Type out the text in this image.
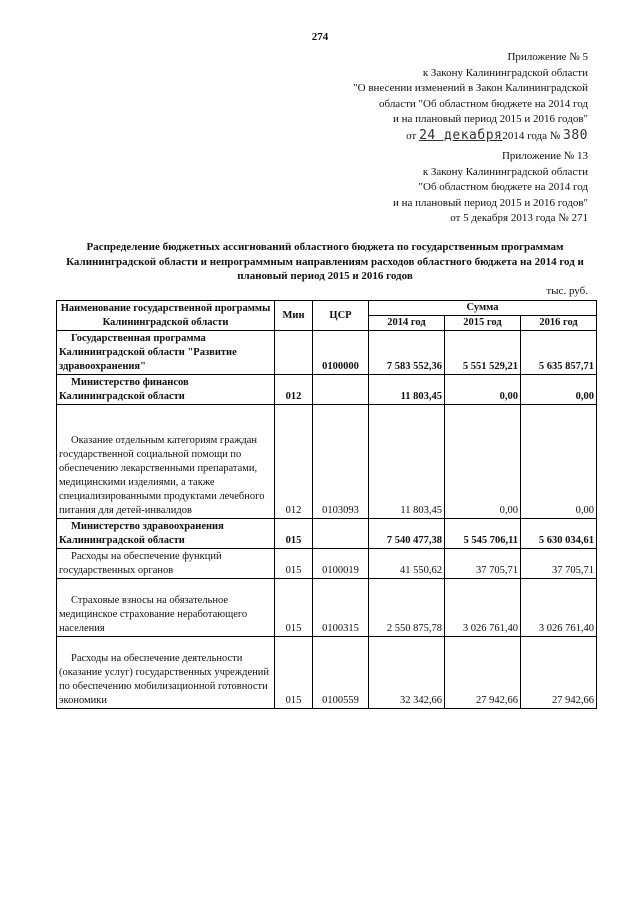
274
Приложение № 5
к Закону Калининградской области
"О внесении изменений в Закон Калининградской
области "Об областном бюджете на 2014 год
и на плановый период 2015 и 2016 годов"
от 24 декабря2014 года № 380
Приложение № 13
к Закону Калининградской области
"Об областном бюджете на 2014 год
и на плановый период 2015 и 2016 годов"
от 5 декабря 2013 года № 271
Распределение бюджетных ассигнований областного бюджета по государственным программам Калининградской области и непрограммным направлениям расходов областного бюджета на 2014 год и плановый период 2015 и 2016 годов
тыс. руб.
Наименование государственной программы Калининградской области	Мин	ЦСР	Сумма		
			2014 год	2015 год	2016 год
Государственная программа Калининградской области "Развитие здравоохранения"		0100000	7 583 552,36	5 551 529,21	5 635 857,71
Министерство финансов Калининградской области	012		11 803,45	0,00	0,00
Оказание отдельным категориям граждан государственной социальной помощи по обеспечению лекарственными препаратами, медицинскими изделиями, а также специализированными продуктами лечебного питания для детей-инвалидов	012	0103093	11 803,45	0,00	0,00
Министерство здравоохранения Калининградской области	015		7 540 477,38	5 545 706,11	5 630 034,61
Расходы на обеспечение функций государственных органов	015	0100019	41 550,62	37 705,71	37 705,71
Страховые взносы на обязательное медицинское страхование неработающего населения	015	0100315	2 550 875,78	3 026 761,40	3 026 761,40
Расходы на обеспечение деятельности (оказание услуг) государственных учреждений по обеспечению мобилизационной готовности экономики	015	0100559	32 342,66	27 942,66	27 942,66
